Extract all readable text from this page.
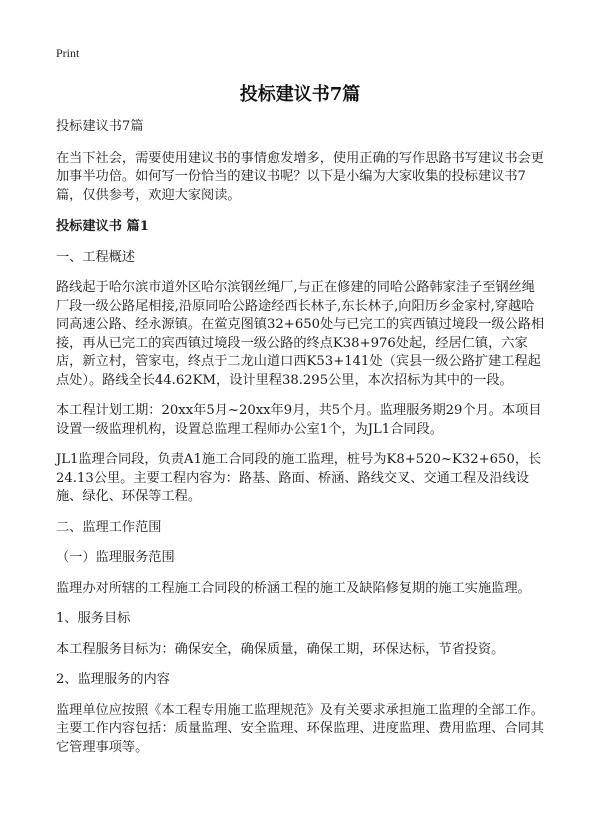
Print
投标建议书7篇

投标建议书7篇

在当下社会，需要使用建议书的事情愈发增多，使用正确的写作思路书写建议书会更加事半功倍。如何写一份恰当的建议书呢？以下是小编为大家收集的投标建议书7篇，仅供参考，欢迎大家阅读。

投标建议书 篇1

一、工程概述

路线起于哈尔滨市道外区哈尔滨钢丝绳厂,与正在修建的同哈公路韩家洼子至钢丝绳厂段一级公路尾相接,沿原同哈公路途经西长林子,东长林子,向阳历乡金家村,穿越哈同高速公路、经永源镇。在鲎克图镇32+650处与已完工的宾西镇过境段一级公路相接，再从已完工的宾西镇过境段一级公路的终点K38+976处起，经居仁镇，六家店，新立村，管家屯，终点于二龙山道口西K53+141处（宾县一级公路扩建工程起点处）。路线全长44.62KM，设计里程38.295公里，本次招标为其中的一段。

本工程计划工期：20xx年5月~20xx年9月，共5个月。监理服务期29个月。本项目设置一级监理机构，设置总监理工程师办公室1个，为JL1合同段。

JL1监理合同段，负责A1施工合同段的施工监理，桩号为K8+520~K32+650，长24.13公里。主要工程内容为：路基、路面、桥涵、路线交叉、交通工程及沿线设施、绿化、环保等工程。

二、监理工作范围

（一）监理服务范围

监理办对所辖的工程施工合同段的桥涵工程的施工及缺陷修复期的施工实施监理。

1、服务目标

本工程服务目标为：确保安全，确保质量，确保工期，环保达标，节省投资。

2、监理服务的内容

监理单位应按照《本工程专用施工监理规范》及有关要求承担施工监理的全部工作。主要工作内容包括：质量监理、安全监理、环保监理、进度监理、费用监理、合同其它管理事项等。
